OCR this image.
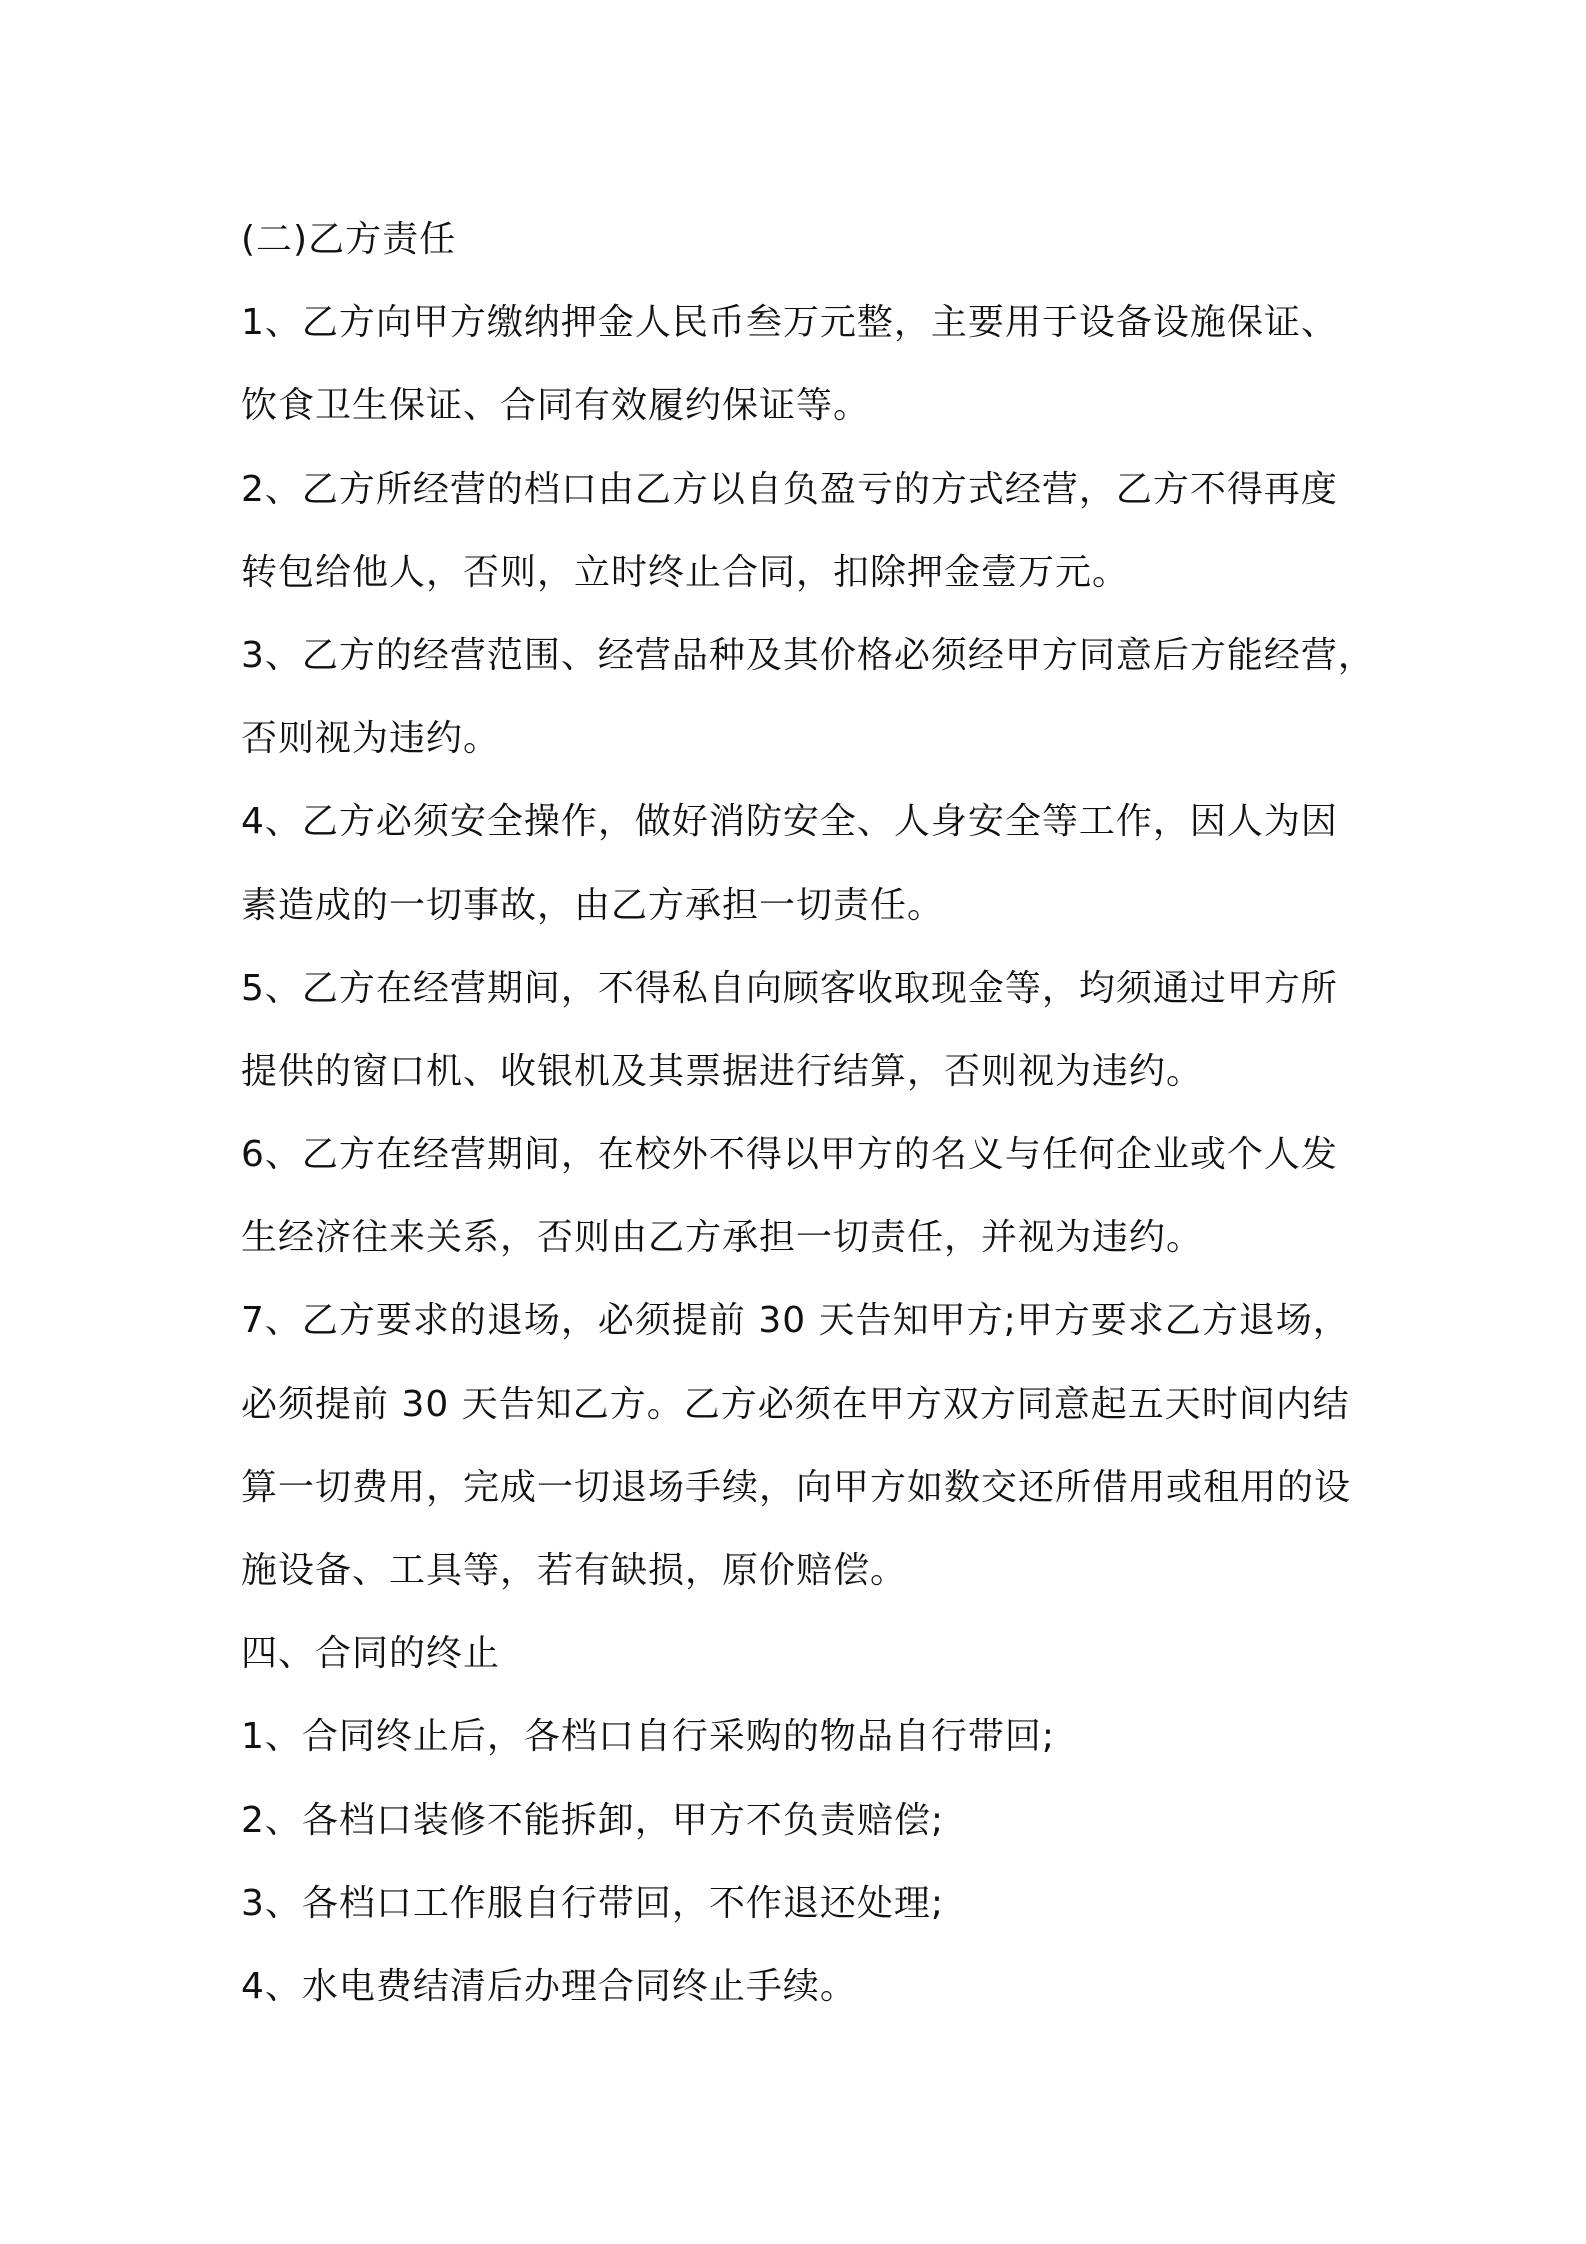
(二)乙方责任
1、乙方向甲方缴纳押金人民币叁万元整，主要用于设备设施保证、
饮食卫生保证、合同有效履约保证等。
2、乙方所经营的档口由乙方以自负盈亏的方式经营，乙方不得再度
转包给他人，否则，立时终止合同，扣除押金壹万元。
3、乙方的经营范围、经营品种及其价格必须经甲方同意后方能经营，
否则视为违约。
4、乙方必须安全操作，做好消防安全、人身安全等工作，因人为因
素造成的一切事故，由乙方承担一切责任。
5、乙方在经营期间，不得私自向顾客收取现金等，均须通过甲方所
提供的窗口机、收银机及其票据进行结算，否则视为违约。
6、乙方在经营期间，在校外不得以甲方的名义与任何企业或个人发
生经济往来关系，否则由乙方承担一切责任，并视为违约。
7、乙方要求的退场，必须提前 30 天告知甲方;甲方要求乙方退场，
必须提前 30 天告知乙方。乙方必须在甲方双方同意起五天时间内结
算一切费用，完成一切退场手续，向甲方如数交还所借用或租用的设
施设备、工具等，若有缺损，原价赔偿。
四、合同的终止
1、合同终止后，各档口自行采购的物品自行带回;
2、各档口装修不能拆卸，甲方不负责赔偿;
3、各档口工作服自行带回，不作退还处理;
4、水电费结清后办理合同终止手续。
